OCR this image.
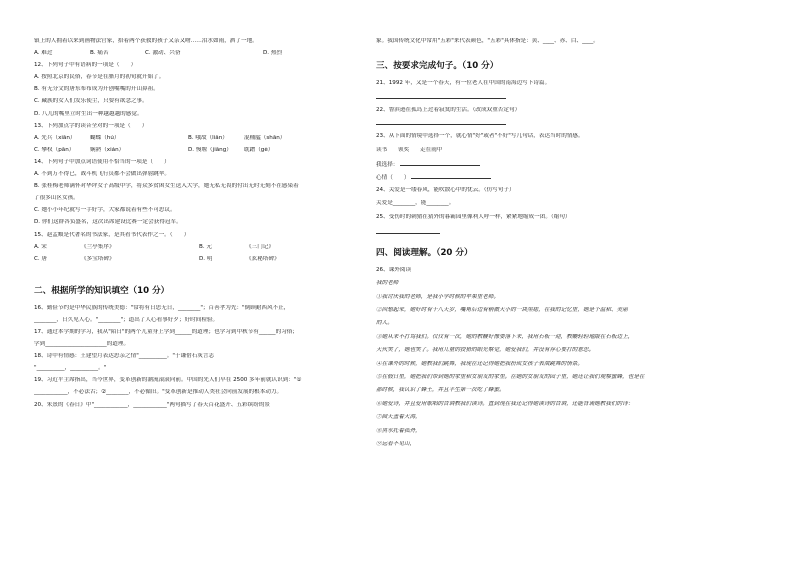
镇上的人拥着以来到画物法官家，拾着两个获救的孩子又亲又吻……泪水如雨，洒了一地。
A. 难过	B. 痛苦	C. 激动、兴奋	D. 热烈
12、下列句子中有语病的一项是（　　）
A. 按照北京的民俗，春节是在腊月的初旬就开始了。
B. 有无分文的唐东布布成为开创嘴嘴的开山鼻祖。
C. 藏族的女人们发乐使尘，只要有欲念之事。
D. 八儿的嘴里立时生出一种越越越的感觉。
13、下列加点字的读音全对的一项是（　　）
A. 先兵（xiān）	蝴蝶（hú）	B. 哦故（liǎn）	混桶艋（shān）
C. 攀权（pān）	娴熟（xián）	D. 慢堰（jiāng）	耽蹭（gè）
14、下列句子中加点词语使用不恰当的一项是（　　）
A. 不到万不得已，战斗机飞行员都不会做出弹射跳伞。
B. 张桂梅老师满怀对华坪女子高级中学，将众多贫困女生送入大学，她无私无畏的付出无时无刻不在感染着
了很多山区女孩。
C. 她小小年纪就写一手好字，大家都说着有些不可思议。
D. 你们这群各负盛名，这次出席建设比赛一定会获得冠军。
15、赵孟頫是代著名的书法家，是其看书代表作之一。（　　）
A. 宋	《兰亭集序》	B. 元	《三门记》
C. 唐	《多宝塔碑》	D. 明	《玄秘塔碑》
二、根据所学的知识填空（10 分）
16、勤俭节约是中华民族的传统美德："常将有日思无日，________"；百善孝为先："倒顾耐西风不止，
________，日久见人心。"________"；道出了人心看事好歹；好时间检验。
17、通过本学期的学习，我从"陌日"的两个儿童身上学到______的道理；也学习到中秋节有______的习俗；
学到______________________的道理。
18、诗中有情感：王建望月表达思亲之情"__________。"于谦借石灰言志
"__________，__________。"
19、习近平主席指出，当今世界，变革创新的潮流滚滚向前。中国的先人们早在 2500 多年前就认识到："①
____________，不必法古；②________，不必循旧。"变革创新是推动人类社会向前发展的根本动力。
20、朱熹的《春日》中"____________，____________"两句描写了春天百花盛开、五彩缤纷的景
象。我国传统文化中常用"五彩"来代表颜色，"五彩"具体指是：黄、____、赤、白、____。
三、按要求完成句子。（10 分）
21、1992 年，又是一个春天，有一位老人在中国的南海边写下诗篇。
22、鲁滨逊在孤岛上过着寂寞的生活。（改成双重否定句）
23、从下面的情境中选择一个，就心情"好"或者"不好"写几句话，表达当时的情感。
读书	领奖	走在雨中
我选择：
心情（　　）
24、关爱是一缕春风，能吹散心中的忧云。（仿写句子）
关爱是________，能________。
25、受伤时的刺猬在猜外的暮霸园里像利人呼一样，紧紧地缩成一团。（缩句）
四、阅读理解。（20 分）
26、课外阅读
我的老师
①我讨厌我的老师，是我小学时候的苹果里老师。
②回想起来，她好时有十八天岁，嘴角后边有稍微大小的一块黑痣，在我的记忆里，她是个温和、美丽
的人。
③她从来不打骂我们。仅仅有一次，她的教鞭好像要落下来，我用石板一迎，教鞭轻轻地敲在石板边上，
大伙笑了，她也笑了。我用儿童的狡猾的眼光察觉，她爱我们，并没有存心要打的意思。
④在课外的时候，她教我们跳舞，我现在还记得她把我扮成女孩子表演跳舞的情景。
⑤在假日里，她把我们带到她的家里和女朋友的家里。在她的女朋友的园子里，她还让我们观察蜜蜂，也是在
那时候，我认识了蜂王，并且平生第一次吃了蜂蜜。
⑥她爱诗，并且爱用歌唱的音调教我们读诗。直到现在我还记得她读诗的音调，还能背诵她教我们的诗：
⑦圆天盖着大海，
⑧黑水托着孤舟，
⑨远看不见山，
